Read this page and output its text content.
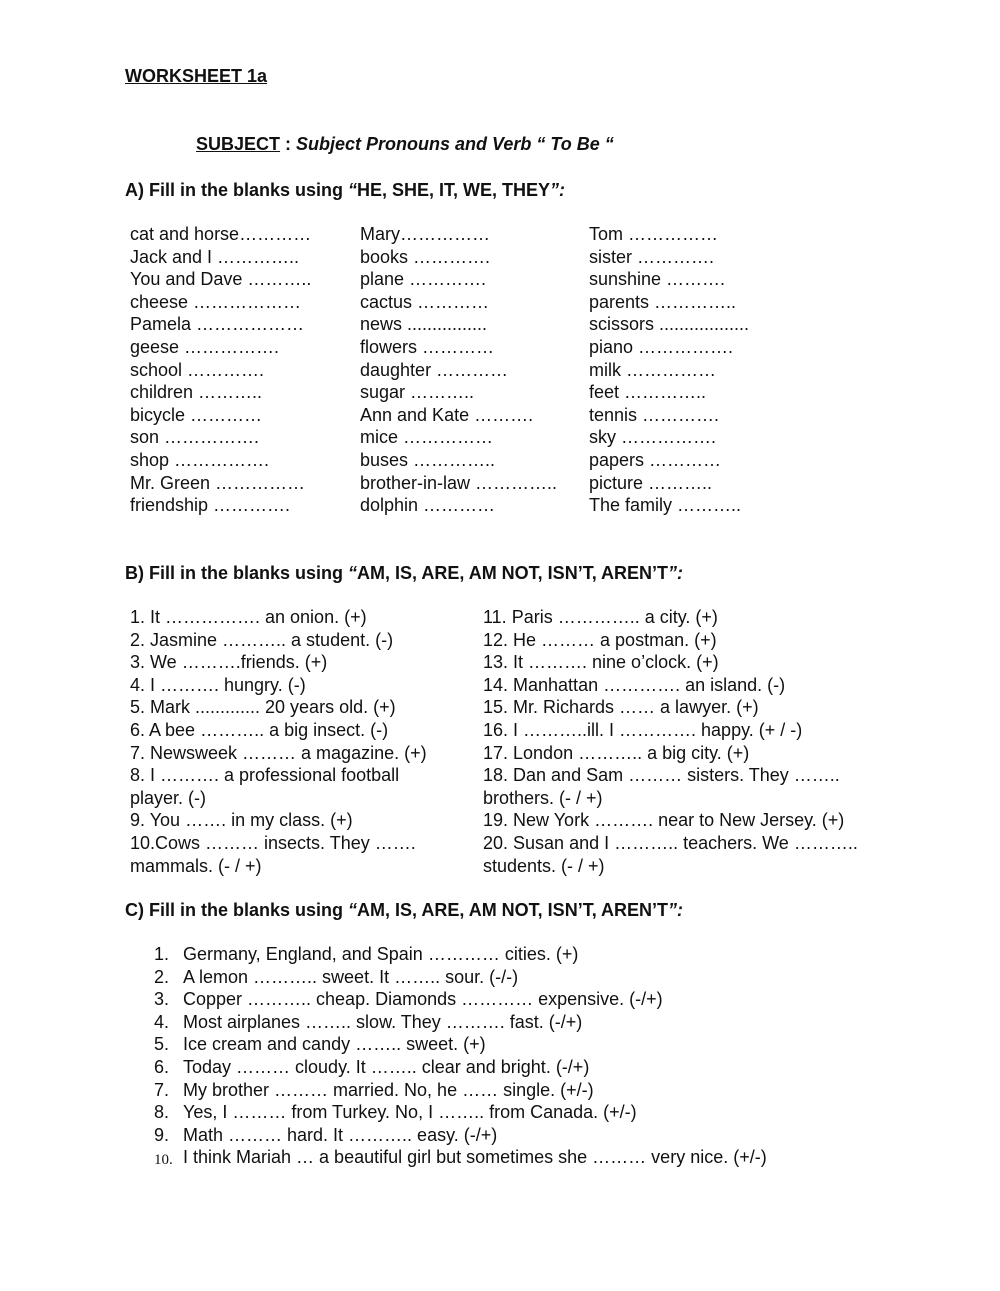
WORKSHEET 1a
SUBJECT : Subject Pronouns and Verb “ To Be “
A) Fill in the blanks using “HE, SHE, IT, WE, THEY”:
cat and horse…………
Jack and I …………..
You and Dave ………..
cheese ………………
Pamela ………………
geese …………….
school ………….
children ………..
bicycle …………
son …………….
shop …………….
Mr. Green ……………
friendship ………….
Mary……………
books ………….
plane ………….
cactus …………
news ................
flowers …………
daughter …………
sugar ………..
Ann and Kate ……….
mice ……………
buses …………..
brother-in-law …………..
dolphin …………
Tom ……………
sister ………….
sunshine ……….
parents …………..
scissors ..................
piano …………….
milk ……………
feet …………..
tennis ………….
sky …………….
papers …………
picture ………..
The family ………..
B) Fill in the blanks using “AM, IS, ARE, AM NOT, ISN’T, AREN’T”:
1. It ……………. an onion. (+)
2. Jasmine ……….. a student. (-)
3. We ……….friends. (+)
4. I ………. hungry. (-)
5. Mark ............. 20 years old. (+)
6. A bee ……….. a big insect. (-)
7. Newsweek ……… a magazine. (+)
8. I ………. a professional football
player. (-)
9. You ……. in my class. (+)
10.Cows ……… insects. They …….
mammals. (- / +)
11. Paris ………….. a city. (+)
12. He ……… a postman. (+)
13. It ………. nine o’clock. (+)
14. Manhattan …………. an island. (-)
15. Mr. Richards …… a lawyer. (+)
16. I ………..ill. I …………. happy. (+ / -)
17. London ……….. a big city. (+)
18. Dan and Sam ……… sisters. They ……..
brothers. (- / +)
19. New York ………. near to New Jersey. (+)
20. Susan and I ……….. teachers. We ………..
students. (- / +)
C) Fill in the blanks using “AM, IS, ARE, AM NOT, ISN’T, AREN’T”:
1. Germany, England, and Spain ………… cities. (+)
2. A lemon ……….. sweet. It …….. sour. (-/-)
3. Copper ……….. cheap. Diamonds ………… expensive. (-/+)
4. Most airplanes …….. slow. They ………. fast. (-/+)
5. Ice cream and candy …….. sweet. (+)
6. Today ……… cloudy. It …….. clear and bright. (-/+)
7. My brother ……… married. No, he …… single. (+/-)
8. Yes, I ……… from Turkey. No, I …….. from Canada. (+/-)
9. Math ……… hard. It ……….. easy. (-/+)
10. I think Mariah … a beautiful girl but sometimes she ……… very nice. (+/-)
